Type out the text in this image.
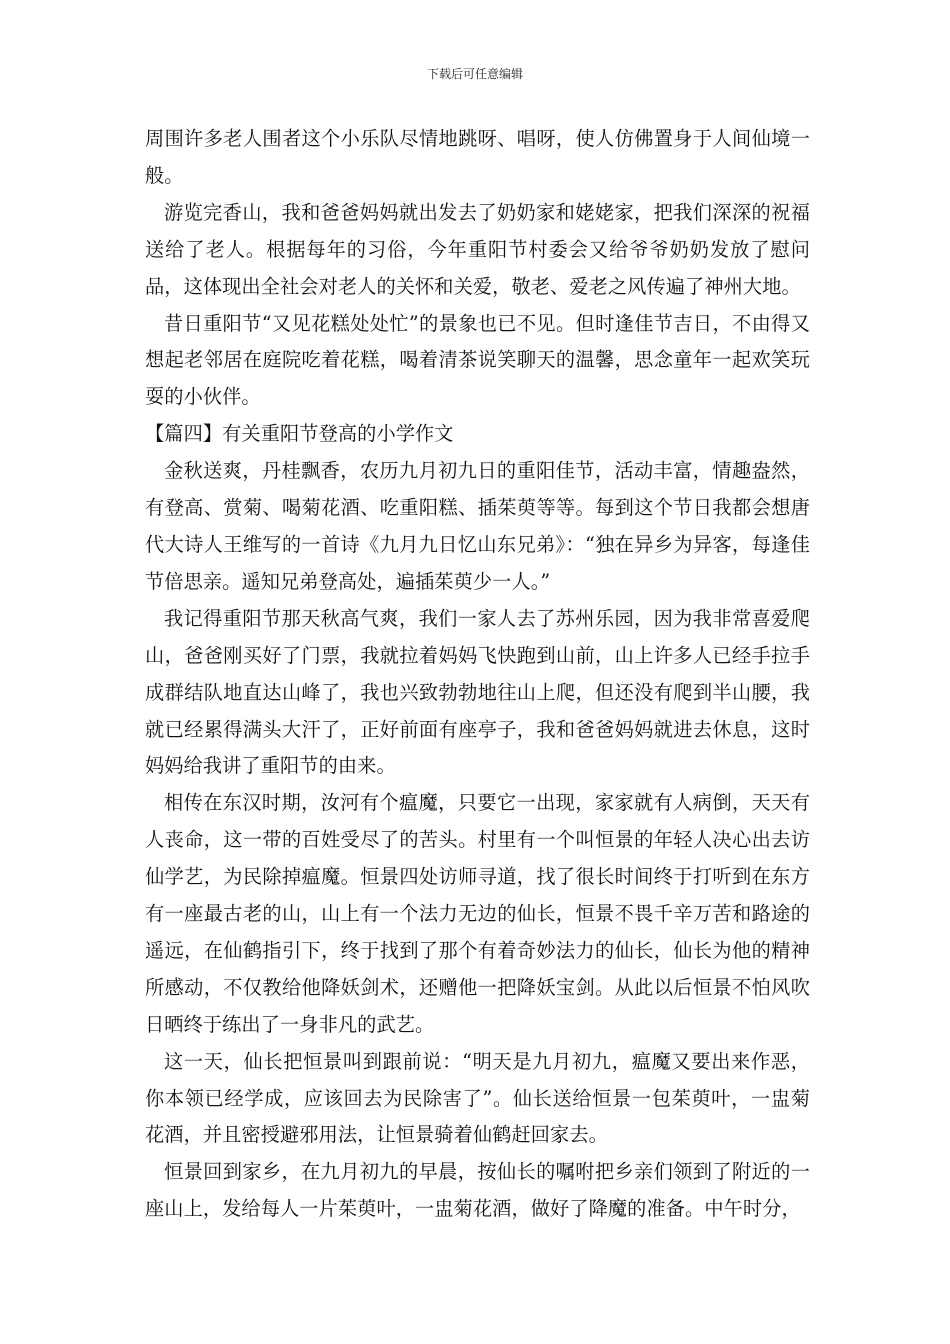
下载后可任意编辑

周围许多老人围者这个小乐队尽情地跳呀、唱呀，使人仿佛置身于人间仙境一般。

游览完香山，我和爸爸妈妈就出发去了奶奶家和姥姥家，把我们深深的祝福送给了老人。根据每年的习俗，今年重阳节村委会又给爷爷奶奶发放了慰问品，这体现出全社会对老人的关怀和关爱，敬老、爱老之风传遍了神州大地。

昔日重阳节“又见花糕处处忙”的景象也已不见。但时逢佳节吉日，不由得又想起老邻居在庭院吃着花糕，喝着清茶说笑聊天的温馨，思念童年一起欢笑玩耍的小伙伴。

【篇四】有关重阳节登高的小学作文

金秋送爽，丹桂飘香，农历九月初九日的重阳佳节，活动丰富，情趣盎然，有登高、赏菊、喝菊花酒、吃重阳糕、插茱萸等等。每到这个节日我都会想唐代大诗人王维写的一首诗《九月九日忆山东兄弟》：“独在异乡为异客，每逢佳节倍思亲。遥知兄弟登高处，遍插茱萸少一人。”

我记得重阳节那天秋高气爽，我们一家人去了苏州乐园，因为我非常喜爱爬山，爸爸刚买好了门票，我就拉着妈妈飞快跑到山前，山上许多人已经手拉手成群结队地直达山峰了，我也兴致勃勃地往山上爬，但还没有爬到半山腰，我就已经累得满头大汗了，正好前面有座亭子，我和爸爸妈妈就进去休息，这时妈妈给我讲了重阳节的由来。

相传在东汉时期，汝河有个瘟魔，只要它一出现，家家就有人病倒，天天有人丧命，这一带的百姓受尽了的苦头。村里有一个叫恒景的年轻人决心出去访仙学艺，为民除掉瘟魔。恒景四处访师寻道，找了很长时间终于打听到在东方有一座最古老的山，山上有一个法力无边的仙长，恒景不畏千辛万苦和路途的遥远，在仙鹤指引下，终于找到了那个有着奇妙法力的仙长，仙长为他的精神所感动，不仅教给他降妖剑术，还赠他一把降妖宝剑。从此以后恒景不怕风吹日晒终于练出了一身非凡的武艺。

这一天，仙长把恒景叫到跟前说：“明天是九月初九，瘟魔又要出来作恶，你本领已经学成，应该回去为民除害了”。仙长送给恒景一包茱萸叶，一盅菊花酒，并且密授避邪用法，让恒景骑着仙鹤赶回家去。

恒景回到家乡，在九月初九的早晨，按仙长的嘱咐把乡亲们领到了附近的一座山上，发给每人一片茱萸叶，一盅菊花酒，做好了降魔的准备。中午时分，
